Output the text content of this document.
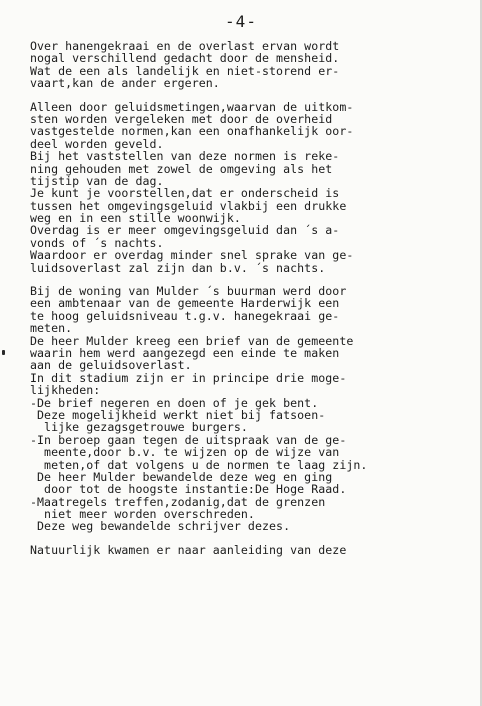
-4-
Over hanengekraai en de overlast ervan wordt
nogal verschillend gedacht door de mensheid.
Wat de een als landelijk en niet-storend er-
vaart,kan de ander ergeren.
Alleen door geluidsmetingen,waarvan de uitkom-
sten worden vergeleken met door de overheid
vastgestelde normen,kan een onafhankelijk oor-
deel worden geveld.
Bij het vaststellen van deze normen is reke-
ning gehouden met zowel de omgeving als het
tijstip van de dag.
Je kunt je voorstellen,dat er onderscheid is
tussen het omgevingsgeluid vlakbij een drukke
weg en in een stille woonwijk.
Overdag is er meer omgevingsgeluid dan ´s a-
vonds of ´s nachts.
Waardoor er overdag minder snel sprake van ge-
luidsoverlast zal zijn dan b.v. ´s nachts.
Bij de woning van Mulder ´s buurman werd door
een ambtenaar van de gemeente Harderwijk een
te hoog geluidsniveau t.g.v. hanegekraai ge-
meten.
De heer Mulder kreeg een brief van de gemeente
waarin hem werd aangezegd een einde te maken
aan de geluidsoverlast.
In dit stadium zijn er in principe drie moge-
lijkheden:
-De brief negeren en doen of je gek bent.
Deze mogelijkheid werkt niet bij fatsoen-
lijke gezagsgetrouwe burgers.
-In beroep gaan tegen de uitspraak van de ge-
meente,door b.v. te wijzen op de wijze van
meten,of dat volgens u de normen te laag zijn.
De heer Mulder bewandelde deze weg en ging
door tot de hoogste instantie:De Hoge Raad.
-Maatregels treffen,zodanig,dat de grenzen
niet meer worden overschreden.
Deze weg bewandelde schrijver dezes.
Natuurlijk kwamen er naar aanleiding van deze
